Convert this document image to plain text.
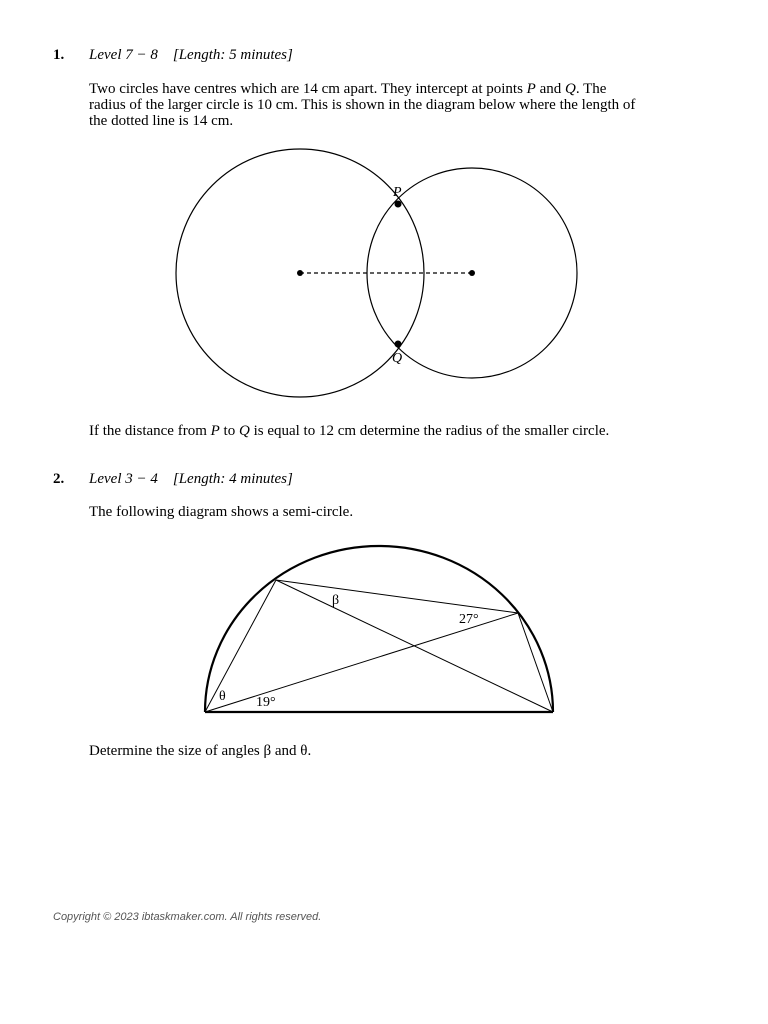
1. Level 7 − 8    [Length: 5 minutes]
Two circles have centres which are 14 cm apart. They intercept at points P and Q. The
radius of the larger circle is 10 cm. This is shown in the diagram below where the length of
the dotted line is 14 cm.
P
Q
If the distance from P to Q is equal to 12 cm determine the radius of the smaller circle.
2. Level 3 − 4    [Length: 4 minutes]
The following diagram shows a semi-circle.
β
27°
θ 19°
Determine the size of angles β and θ.
Copyright © 2023 ibtaskmaker.com. All rights reserved.
